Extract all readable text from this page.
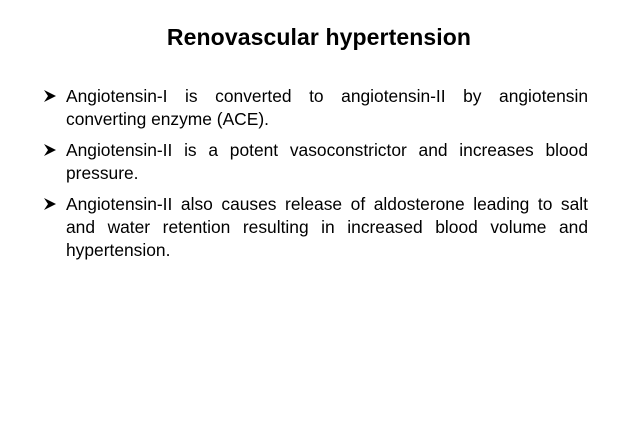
Renovascular hypertension
Angiotensin-I is converted to angiotensin-II by angiotensin converting enzyme (ACE).
Angiotensin-II is a potent vasoconstrictor and increases blood pressure.
Angiotensin-II also causes release of aldosterone leading to salt and water retention resulting in increased blood volume and hypertension.
